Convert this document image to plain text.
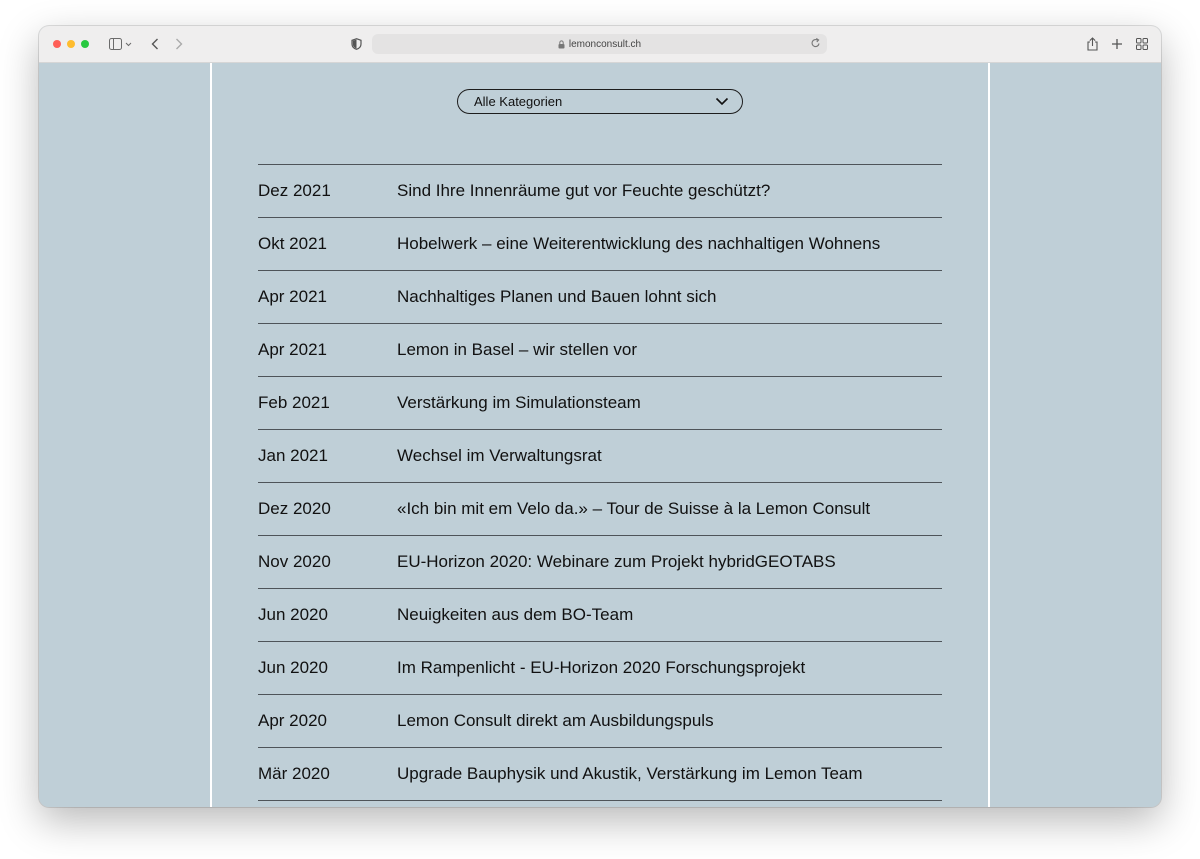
lemonconsult.ch
Alle Kategorien
Dez 2021	Sind Ihre Innenräume gut vor Feuchte geschützt?
Okt 2021	Hobelwerk – eine Weiterentwicklung des nachhaltigen Wohnens
Apr 2021	Nachhaltiges Planen und Bauen lohnt sich
Apr 2021	Lemon in Basel – wir stellen vor
Feb 2021	Verstärkung im Simulationsteam
Jan 2021	Wechsel im Verwaltungsrat
Dez 2020	«Ich bin mit em Velo da.» – Tour de Suisse à la Lemon Consult
Nov 2020	EU-Horizon 2020: Webinare zum Projekt hybridGEOTABS
Jun 2020	Neuigkeiten aus dem BO-Team
Jun 2020	Im Rampenlicht - EU-Horizon 2020 Forschungsprojekt
Apr 2020	Lemon Consult direkt am Ausbildungspuls
Mär 2020	Upgrade Bauphysik und Akustik, Verstärkung im Lemon Team
